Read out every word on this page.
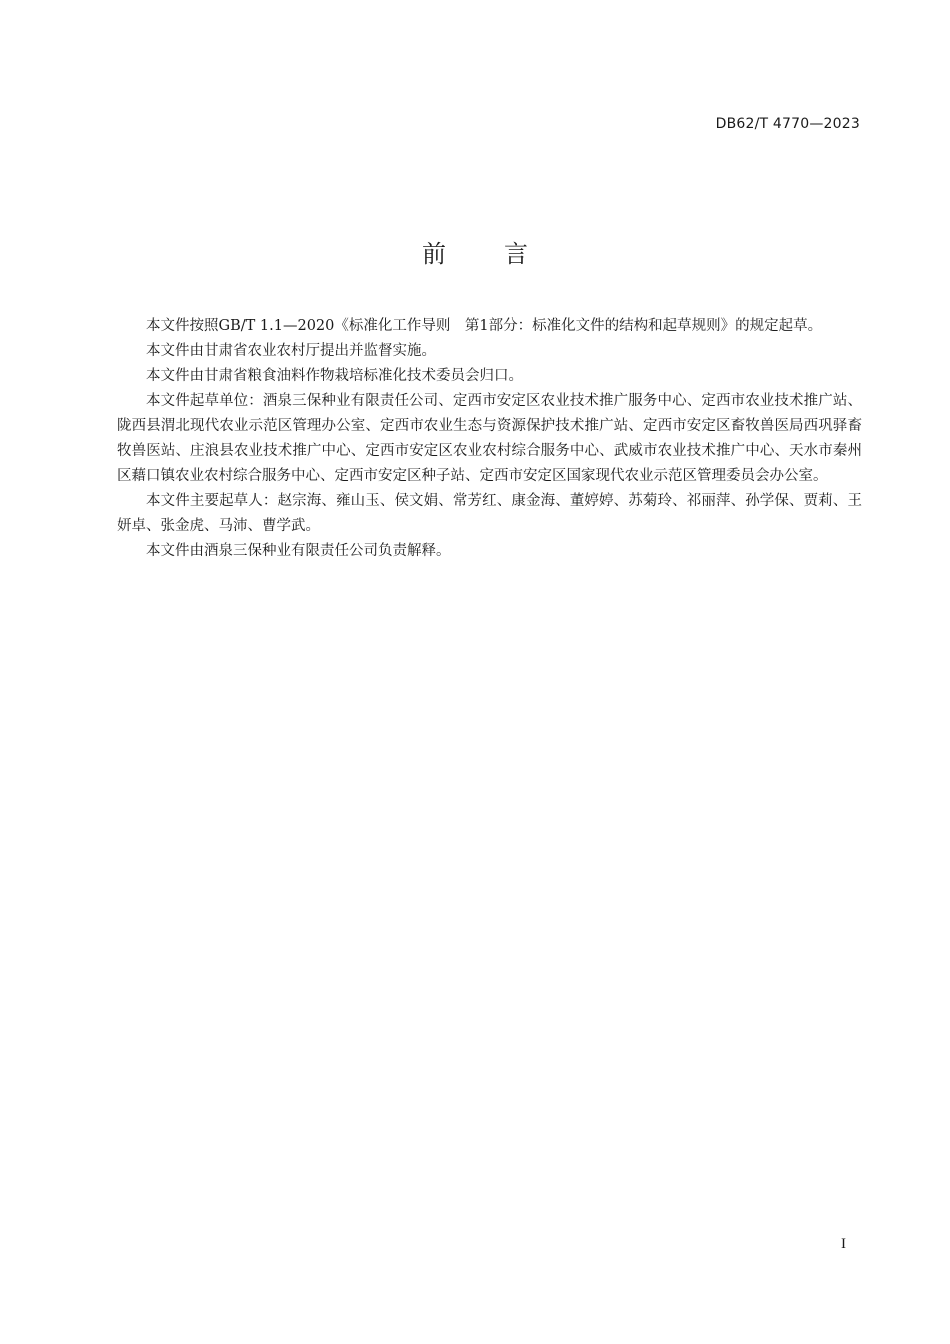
DB62/T 4770—2023
前言

本文件按照GB/T 1.1—2020《标准化工作导则　第1部分：标准化文件的结构和起草规则》的规定起草。

本文件由甘肃省农业农村厅提出并监督实施。

本文件由甘肃省粮食油料作物栽培标准化技术委员会归口。

本文件起草单位：酒泉三保种业有限责任公司、定西市安定区农业技术推广服务中心、定西市农业技术推广站、陇西县渭北现代农业示范区管理办公室、定西市农业生态与资源保护技术推广站、定西市安定区畜牧兽医局西巩驿畜牧兽医站、庄浪县农业技术推广中心、定西市安定区农业农村综合服务中心、武威市农业技术推广中心、天水市秦州区藉口镇农业农村综合服务中心、定西市安定区种子站、定西市安定区国家现代农业示范区管理委员会办公室。

本文件主要起草人：赵宗海、雍山玉、侯文娟、常芳红、康金海、董婷婷、苏菊玲、祁丽萍、孙学保、贾莉、王妍卓、张金虎、马沛、曹学武。

本文件由酒泉三保种业有限责任公司负责解释。

I
